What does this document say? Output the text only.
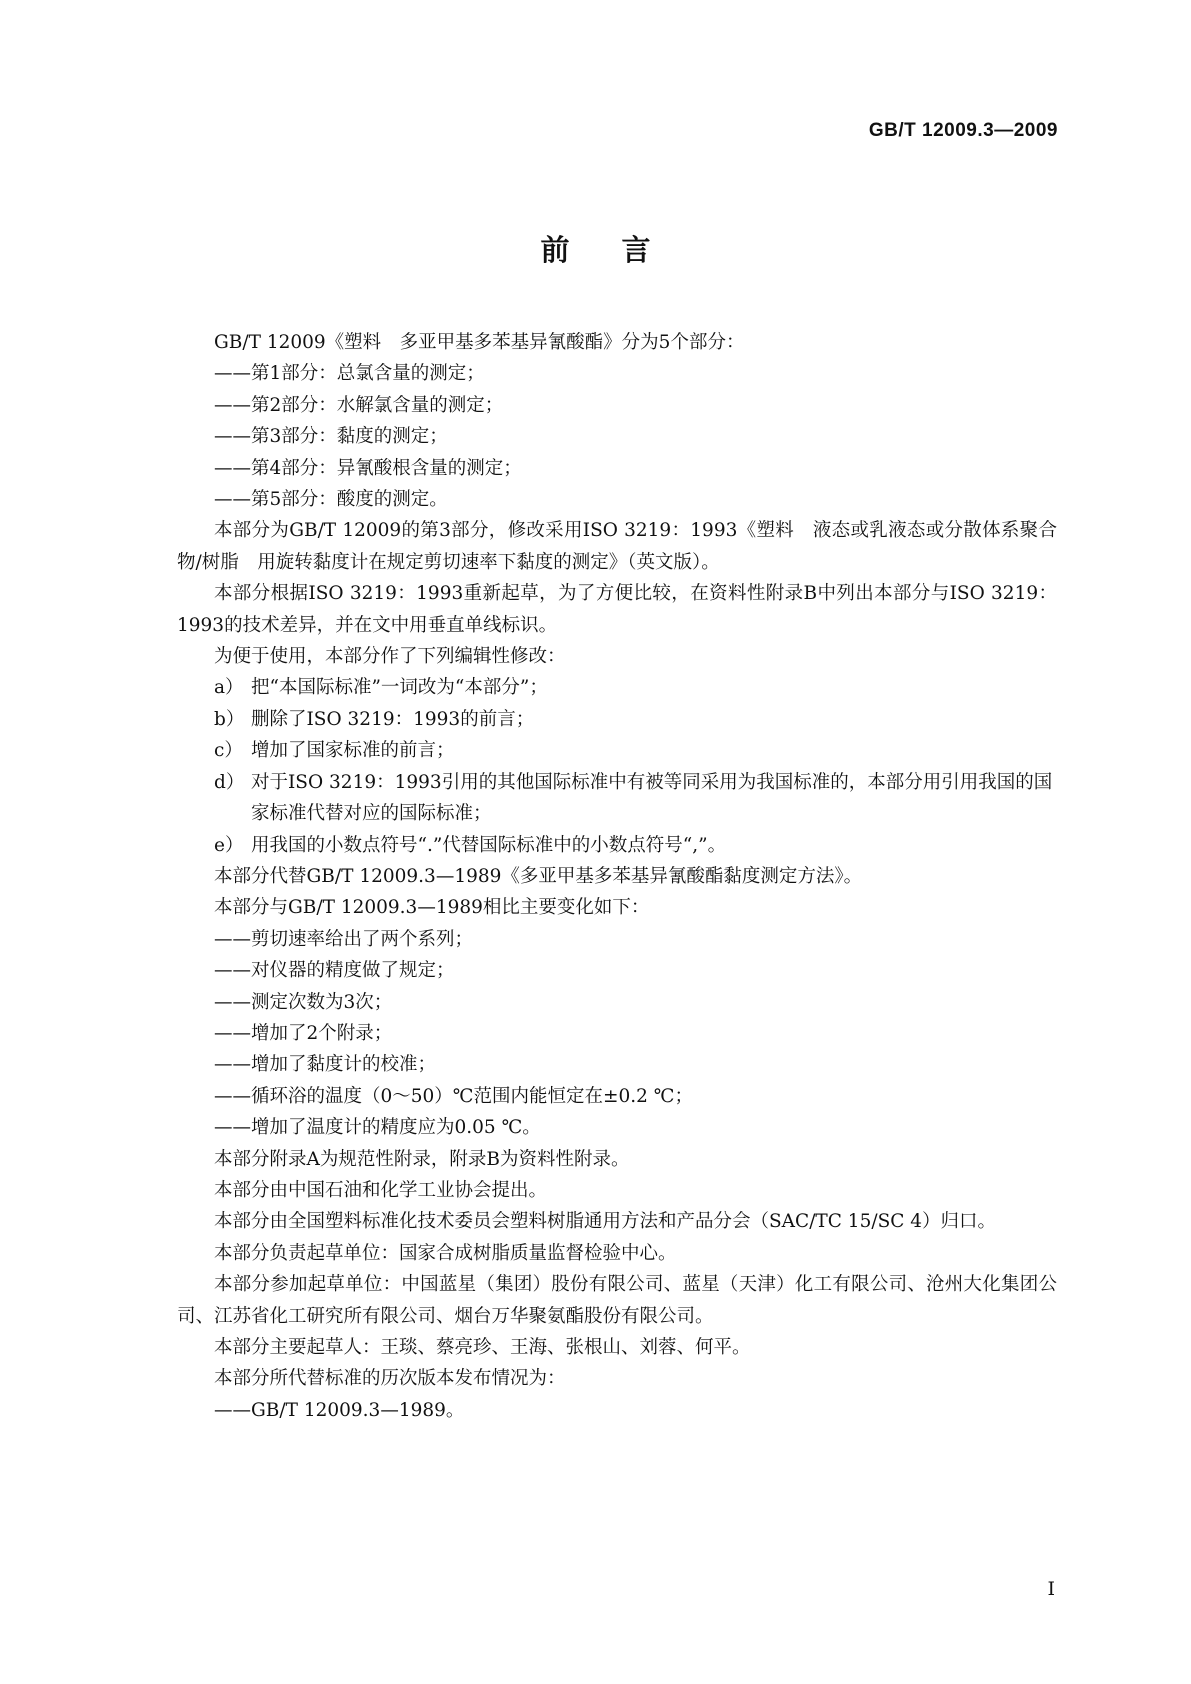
GB/T 12009.3—2009
前言

GB/T 12009《塑料　多亚甲基多苯基异氰酸酯》分为5个部分：

——第1部分：总氯含量的测定；

——第2部分：水解氯含量的测定；

——第3部分：黏度的测定；

——第4部分：异氰酸根含量的测定；

——第5部分：酸度的测定。

本部分为GB/T 12009的第3部分，修改采用ISO 3219：1993《塑料　液态或乳液态或分散体系聚合物/树脂　用旋转黏度计在规定剪切速率下黏度的测定》（英文版）。

本部分根据ISO 3219：1993重新起草，为了方便比较，在资料性附录B中列出本部分与ISO 3219：1993的技术差异，并在文中用垂直单线标识。

为便于使用，本部分作了下列编辑性修改：

a） 把“本国际标准”一词改为“本部分”；

b） 删除了ISO 3219：1993的前言；

c） 增加了国家标准的前言；

d） 对于ISO 3219：1993引用的其他国际标准中有被等同采用为我国标准的，本部分用引用我国的国家标准代替对应的国际标准；

e） 用我国的小数点符号“.”代替国际标准中的小数点符号“,”。

本部分代替GB/T 12009.3—1989《多亚甲基多苯基异氰酸酯黏度测定方法》。

本部分与GB/T 12009.3—1989相比主要变化如下：

——剪切速率给出了两个系列；

——对仪器的精度做了规定；

——测定次数为3次；

——增加了2个附录；

——增加了黏度计的校准；

——循环浴的温度（0～50）℃范围内能恒定在±0.2 ℃；

——增加了温度计的精度应为0.05 ℃。

本部分附录A为规范性附录，附录B为资料性附录。

本部分由中国石油和化学工业协会提出。

本部分由全国塑料标准化技术委员会塑料树脂通用方法和产品分会（SAC/TC 15/SC 4）归口。

本部分负责起草单位：国家合成树脂质量监督检验中心。

本部分参加起草单位：中国蓝星（集团）股份有限公司、蓝星（天津）化工有限公司、沧州大化集团公司、江苏省化工研究所有限公司、烟台万华聚氨酯股份有限公司。

本部分主要起草人：王琰、蔡亮珍、王海、张根山、刘蓉、何平。

本部分所代替标准的历次版本发布情况为：

——GB/T 12009.3—1989。

I
